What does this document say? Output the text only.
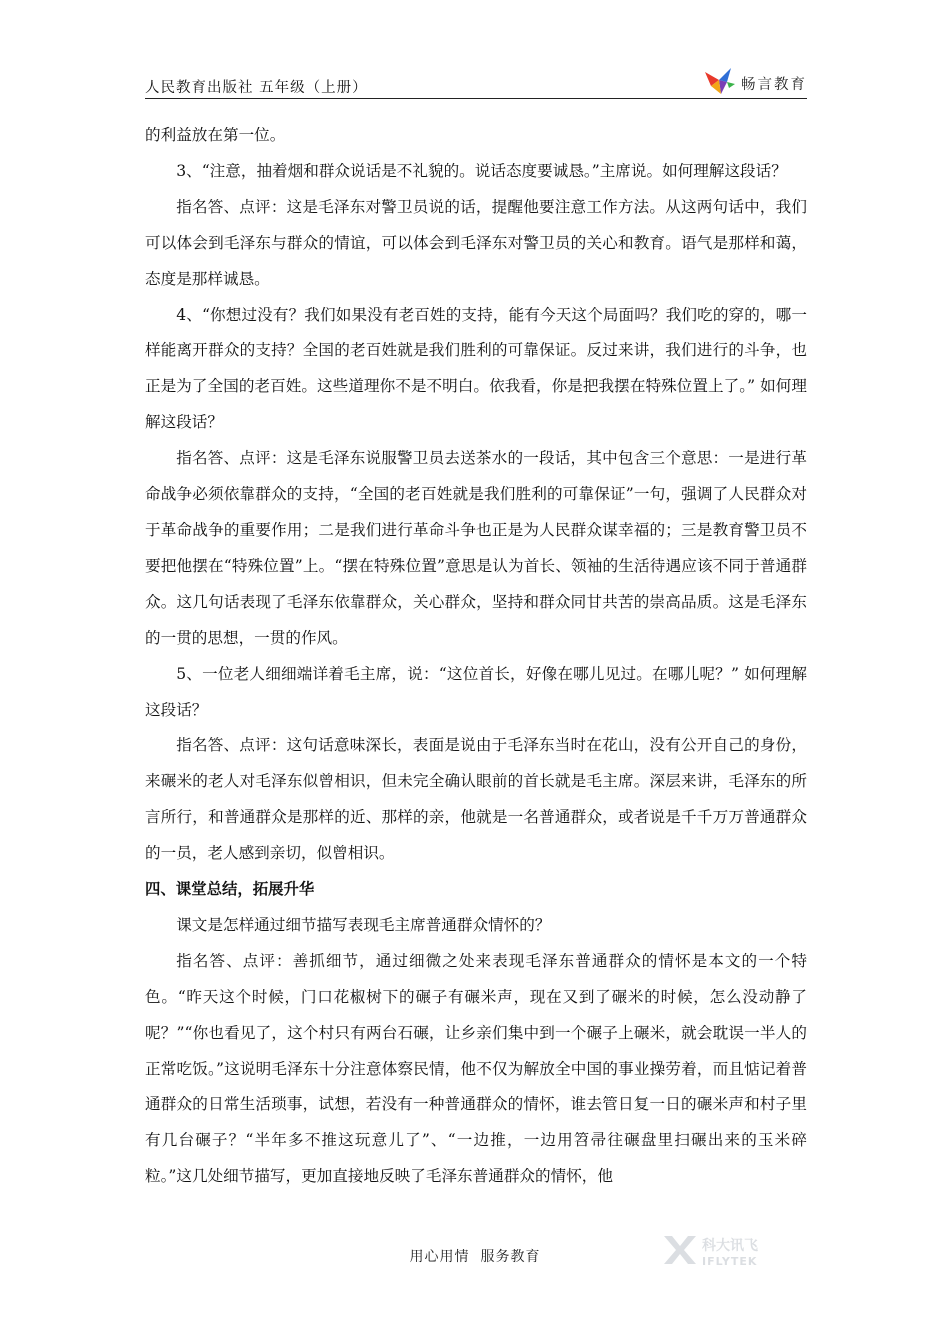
人民教育出版社 五年级（上册）	畅言教育

的利益放在第一位。

3、“注意，抽着烟和群众说话是不礼貌的。说话态度要诚恳。”主席说。如何理解这段话？

指名答、点评：这是毛泽东对警卫员说的话，提醒他要注意工作方法。从这两句话中，我们可以体会到毛泽东与群众的情谊，可以体会到毛泽东对警卫员的关心和教育。语气是那样和蔼，态度是那样诚恳。

4、“你想过没有？我们如果没有老百姓的支持，能有今天这个局面吗？我们吃的穿的，哪一样能离开群众的支持？全国的老百姓就是我们胜利的可靠保证。反过来讲，我们进行的斗争，也正是为了全国的老百姓。这些道理你不是不明白。依我看，你是把我摆在特殊位置上了。” 如何理解这段话？

指名答、点评：这是毛泽东说服警卫员去送茶水的一段话，其中包含三个意思：一是进行革命战争必须依靠群众的支持，“全国的老百姓就是我们胜利的可靠保证”一句，强调了人民群众对于革命战争的重要作用；二是我们进行革命斗争也正是为人民群众谋幸福的；三是教育警卫员不要把他摆在“特殊位置”上。“摆在特殊位置”意思是认为首长、领袖的生活待遇应该不同于普通群众。这几句话表现了毛泽东依靠群众，关心群众，坚持和群众同甘共苦的崇高品质。这是毛泽东的一贯的思想，一贯的作风。

5、一位老人细细端详着毛主席，说：“这位首长，好像在哪儿见过。在哪儿呢？” 如何理解这段话？

指名答、点评：这句话意味深长，表面是说由于毛泽东当时在花山，没有公开自己的身份，来碾米的老人对毛泽东似曾相识，但未完全确认眼前的首长就是毛主席。深层来讲，毛泽东的所言所行，和普通群众是那样的近、那样的亲，他就是一名普通群众，或者说是千千万万普通群众的一员，老人感到亲切，似曾相识。

四、课堂总结，拓展升华

课文是怎样通过细节描写表现毛主席普通群众情怀的？

指名答、点评：善抓细节，通过细微之处来表现毛泽东普通群众的情怀是本文的一个特色。“昨天这个时候，门口花椒树下的碾子有碾米声，现在又到了碾米的时候，怎么没动静了呢？”“你也看见了，这个村只有两台石碾，让乡亲们集中到一个碾子上碾米，就会耽误一半人的正常吃饭。”这说明毛泽东十分注意体察民情，他不仅为解放全中国的事业操劳着，而且惦记着普通群众的日常生活琐事，试想，若没有一种普通群众的情怀，谁去管日复一日的碾米声和村子里有几台碾子？“半年多不推这玩意儿了”、“一边推，一边用笤帚往碾盘里扫碾出来的玉米碎粒。”这几处细节描写，更加直接地反映了毛泽东普通群众的情怀，他

用心用情  服务教育
科大讯飞
IFLYTEK
